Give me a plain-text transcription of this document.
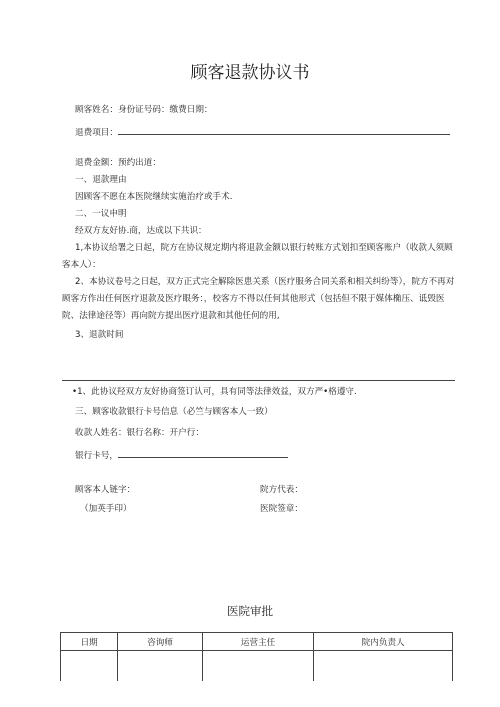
顾客退款协议书
顾客姓名：身份证号码：缴费日期：
退费项目：
退费金额：预约出道：
一、退款理由
因顾客不愿在本医院继续实施治疗或手术.
二、一议申明
经双方友好协.商，达成以下共识：
1,本协议给署之日起，院方在协议规定期内将退款金额以银行转账方式划扣至顾客账户（收款人须顾客本人）：
2、本协议卷号之日起，双方正式完全解除医患关系（医疗服务合同关系和相关纠纷等），院方不再对顾客方作出任何医疗退款及医疗眼务：，校客方不得以任何其他形式（包括但不限于媒体椭压、诋毁医院、法律途径等）再向院方提出医疗退款和其他任何的用,
3、退款时间
•1、此协议羟双方友好协商签订认可，具有同等法律效益，双方严•格遵守.
三、顾客收款银行卡号信息（必竺与顾客本人一致）
收款人姓名：银行名称：开户行：
银行卡号，
顾客本人链字：	院方代表：
（加英手印）	医院签章：
医院审批
日期	咨询师	运营主任	院内负责人
